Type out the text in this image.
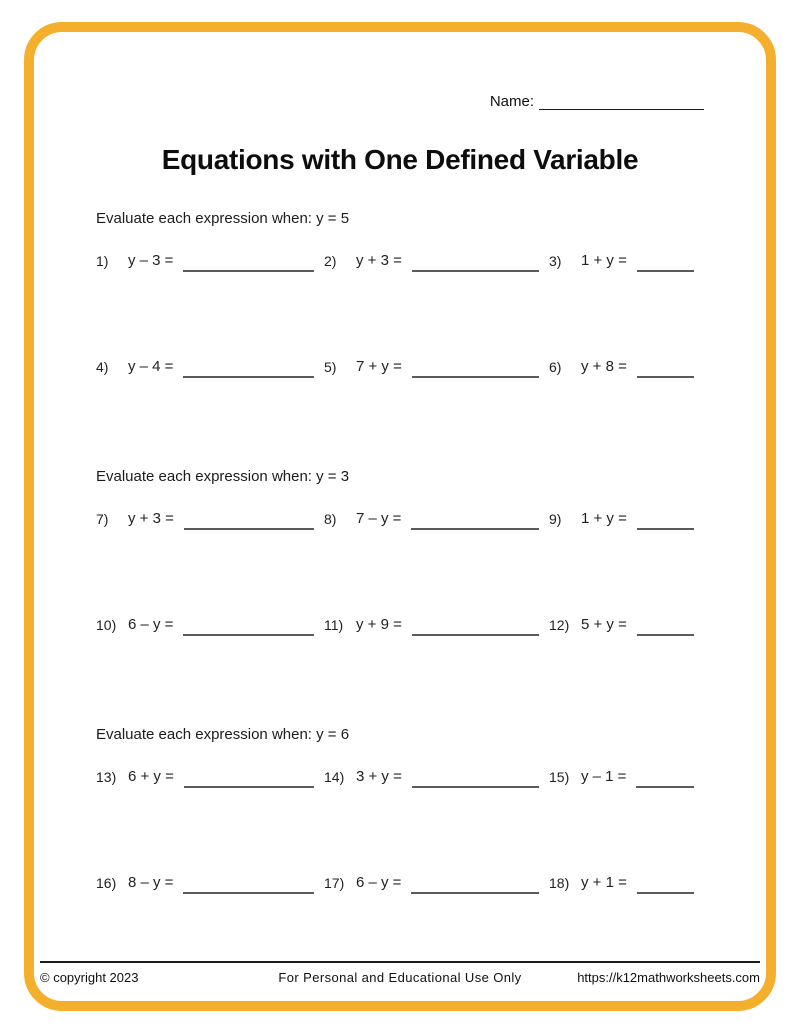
Name:
Equations with One Defined Variable
Evaluate each expression when: y = 5
1)	y – 3 =	2)	y + 3 =	3)	1 + y =
4)	y – 4 =	5)	7 + y =	6)	y + 8 =
Evaluate each expression when: y = 3
7)	y + 3 =	8)	7 – y =	9)	1 + y =
10) 6 – y =	11) y + 9 =	12) 5 + y =
Evaluate each expression when: y = 6
13) 6 + y =	14) 3 + y =	15) y – 1 =
16) 8 – y =	17) 6 – y =	18) y + 1 =
© copyright 2023	For Personal and Educational Use Only	https://k12mathworksheets.com
